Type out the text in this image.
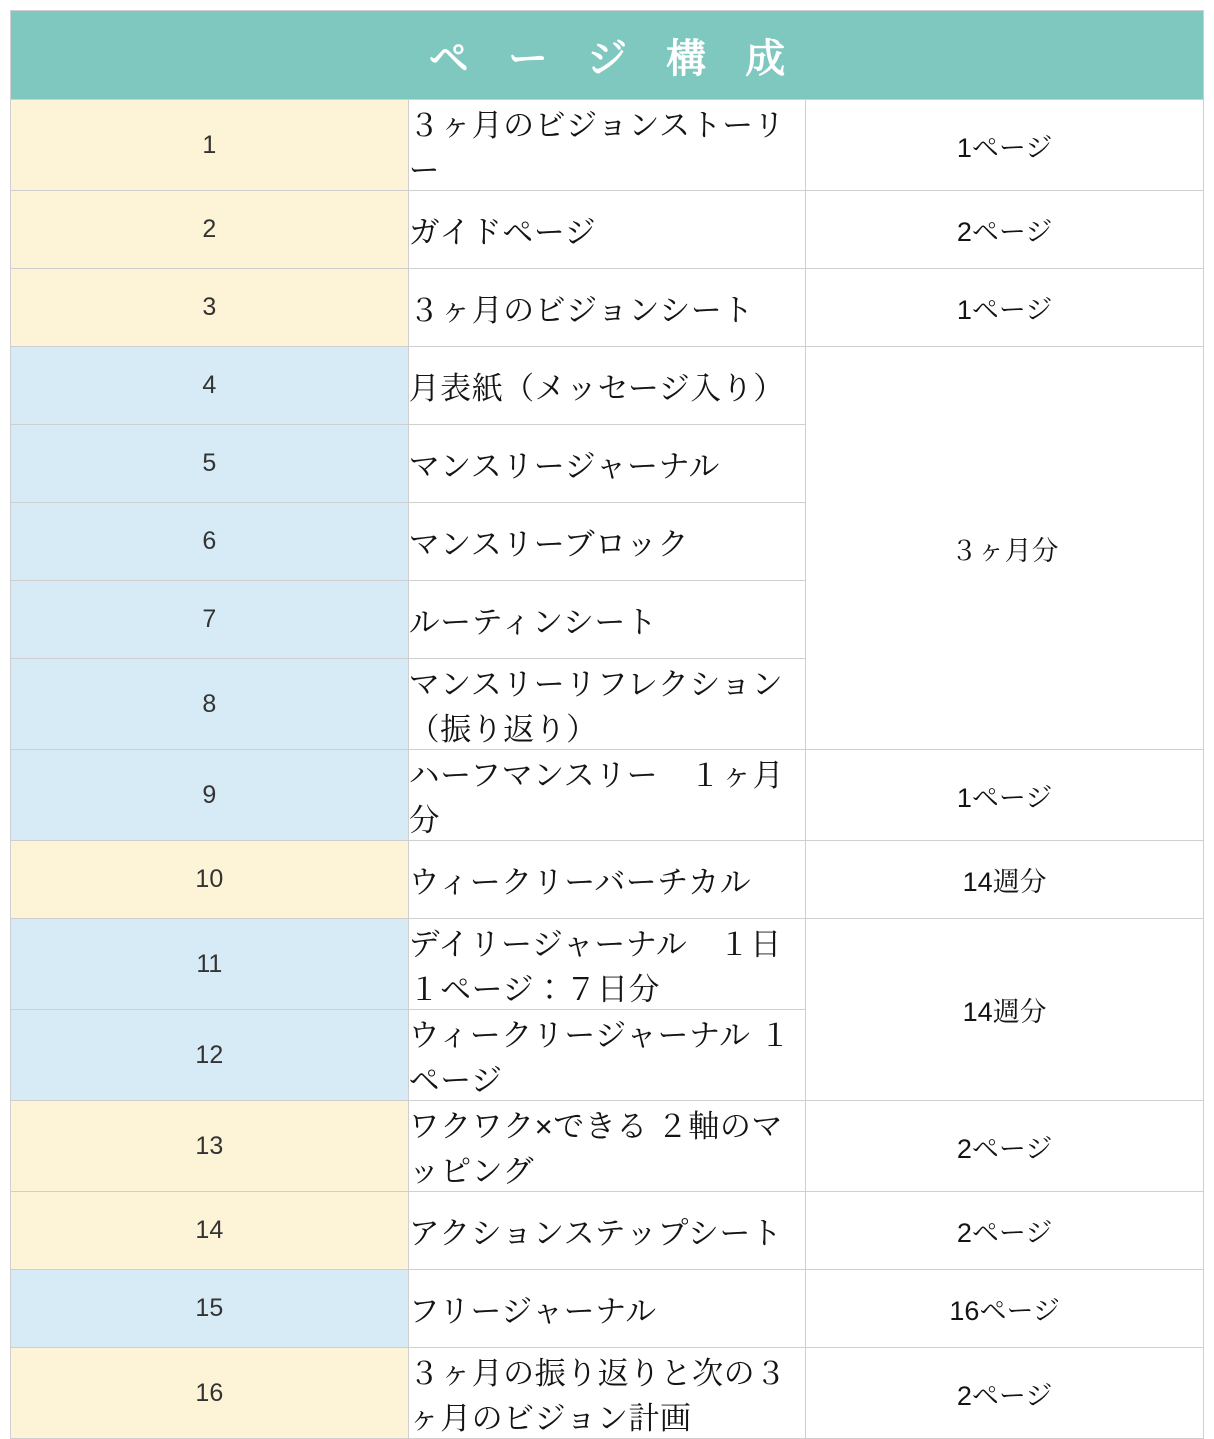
ペ ー ジ 構 成		
1	３ヶ月のビジョンストーリー	1ページ
2	ガイドページ	2ページ
3	３ヶ月のビジョンシート	1ページ
4	月表紙（メッセージ入り）	３ヶ月分
5	マンスリージャーナル	
6	マンスリーブロック	
7	ルーティンシート	
8	マンスリーリフレクション（振り返り）	
9	ハーフマンスリー　１ヶ月分	1ページ
10	ウィークリーバーチカル	14週分
11	デイリージャーナル　１日１ページ：７日分	14週分
12	ウィークリージャーナル １ページ	
13	ワクワク×できる ２軸のマッピング	2ページ
14	アクションステップシート	2ページ
15	フリージャーナル	16ページ
16	３ヶ月の振り返りと次の３ヶ月のビジョン計画	2ページ
